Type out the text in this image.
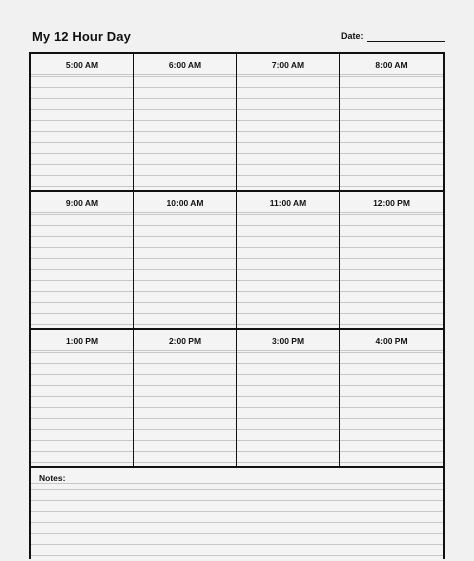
My 12 Hour Day	Date:
5:00 AM	6:00 AM	7:00 AM	8:00 AM
9:00 AM	10:00 AM	11:00 AM	12:00 PM
1:00 PM	2:00 PM	3:00 PM	4:00 PM
Notes:
